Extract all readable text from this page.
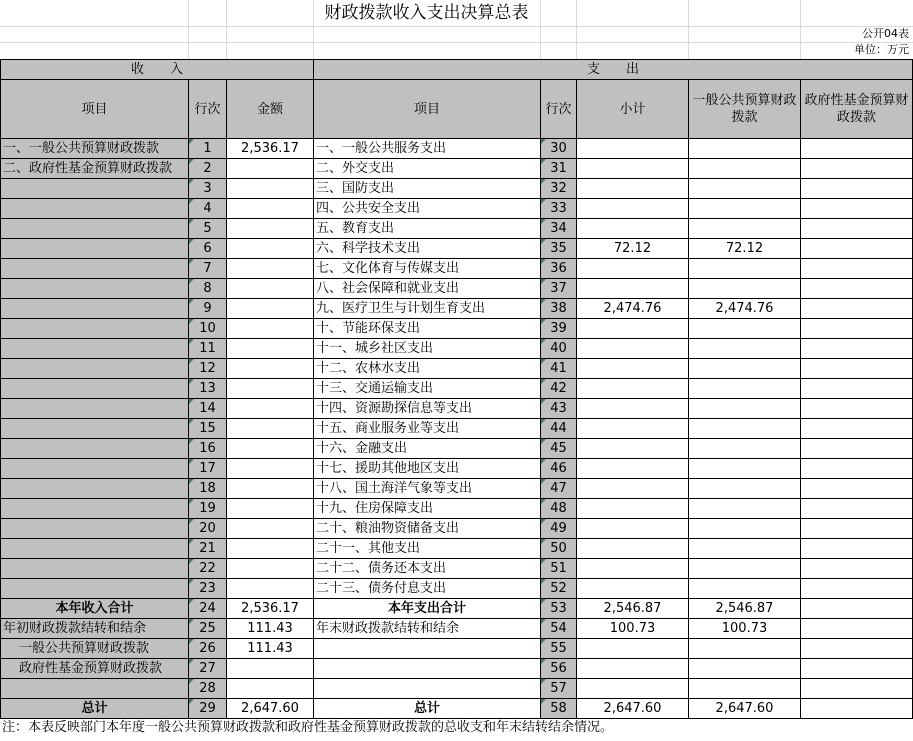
财政拨款收入支出决算总表
公开04表
单位：万元
收　　入			支　　出				
项目	行次	金额	项目	行次	小计	一般公共预算财政拨款	政府性基金预算财政拨款
一、一般公共预算财政拨款	1	2,536.17	一、一般公共服务支出	30			
二、政府性基金预算财政拨款	2		二、外交支出	31			
	3		三、国防支出	32			
	4		四、公共安全支出	33			
	5		五、教育支出	34			
	6		六、科学技术支出	35	72.12	72.12	
	7		七、文化体育与传媒支出	36			
	8		八、社会保障和就业支出	37			
	9		九、医疗卫生与计划生育支出	38	2,474.76	2,474.76	
	10		十、节能环保支出	39			
	11		十一、城乡社区支出	40			
	12		十二、农林水支出	41			
	13		十三、交通运输支出	42			
	14		十四、资源勘探信息等支出	43			
	15		十五、商业服务业等支出	44			
	16		十六、金融支出	45			
	17		十七、援助其他地区支出	46			
	18		十八、国土海洋气象等支出	47			
	19		十九、住房保障支出	48			
	20		二十、粮油物资储备支出	49			
	21		二十一、其他支出	50			
	22		二十二、债务还本支出	51			
	23		二十三、债务付息支出	52			
本年收入合计	24	2,536.17	本年支出合计	53	2,546.87	2,546.87	
年初财政拨款结转和结余	25	111.43	年末财政拨款结转和结余	54	100.73	100.73	
一般公共预算财政拨款	26	111.43		55			
政府性基金预算财政拨款	27			56			
	28			57			
总计	29	2,647.60	总计	58	2,647.60	2,647.60	
注：本表反映部门本年度一般公共预算财政拨款和政府性基金预算财政拨款的总收支和年末结转结余情况。
